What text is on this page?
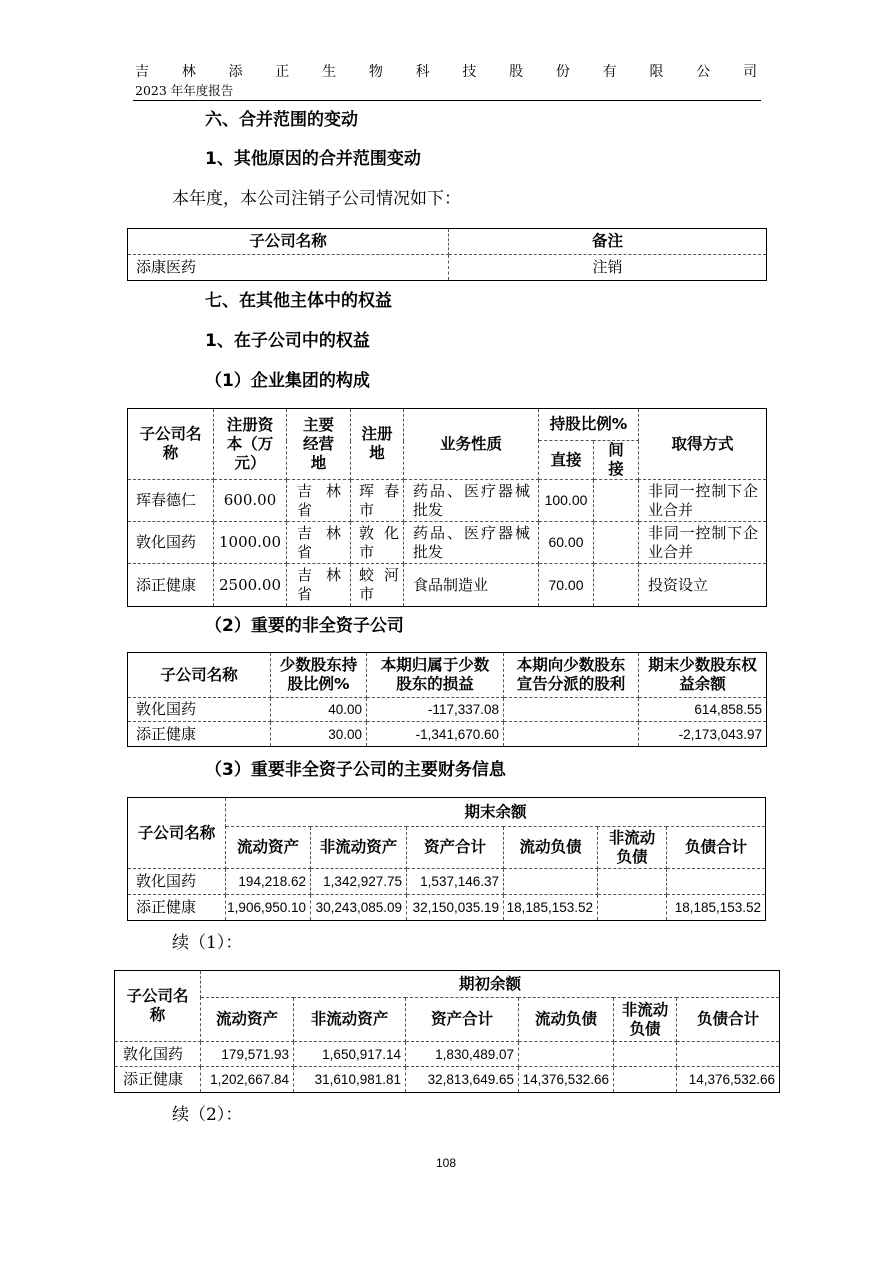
吉林添正生物科技股份有限公司
2023 年年度报告
六、合并范围的变动
1、其他原因的合并范围变动
本年度，本公司注销子公司情况如下：
子公司名称	备注
添康医药	注销
七、在其他主体中的权益
1、在子公司中的权益
（1）企业集团的构成
子公司名称	注册资本（万元）	主要经营地	注册地	业务性质	持股比例%		取得方式
					直接	间接	
珲春德仁	600.00	吉林省	珲春市	药品、医疗器械批发	100.00		非同一控制下企业合并
敦化国药	1000.00	吉林省	敦化市	药品、医疗器械批发	60.00		非同一控制下企业合并
添正健康	2500.00	吉林省	蛟河市	食品制造业	70.00		投资设立
（2）重要的非全资子公司
子公司名称	少数股东持股比例%	本期归属于少数股东的损益	本期向少数股东宣告分派的股利	期末少数股东权益余额
敦化国药	40.00	-117,337.08		614,858.55
添正健康	30.00	-1,341,670.60		-2,173,043.97
（3）重要非全资子公司的主要财务信息
子公司名称	期末余额					
	流动资产	非流动资产	资产合计	流动负债	非流动负债	负债合计
敦化国药	194,218.62	1,342,927.75	1,537,146.37			
添正健康	1,906,950.10	30,243,085.09	32,150,035.19	18,185,153.52		18,185,153.52
续（1）：
子公司名称	期初余额					
	流动资产	非流动资产	资产合计	流动负债	非流动负债	负债合计
敦化国药	179,571.93	1,650,917.14	1,830,489.07			
添正健康	1,202,667.84	31,610,981.81	32,813,649.65	14,376,532.66		14,376,532.66
续（2）：
108
